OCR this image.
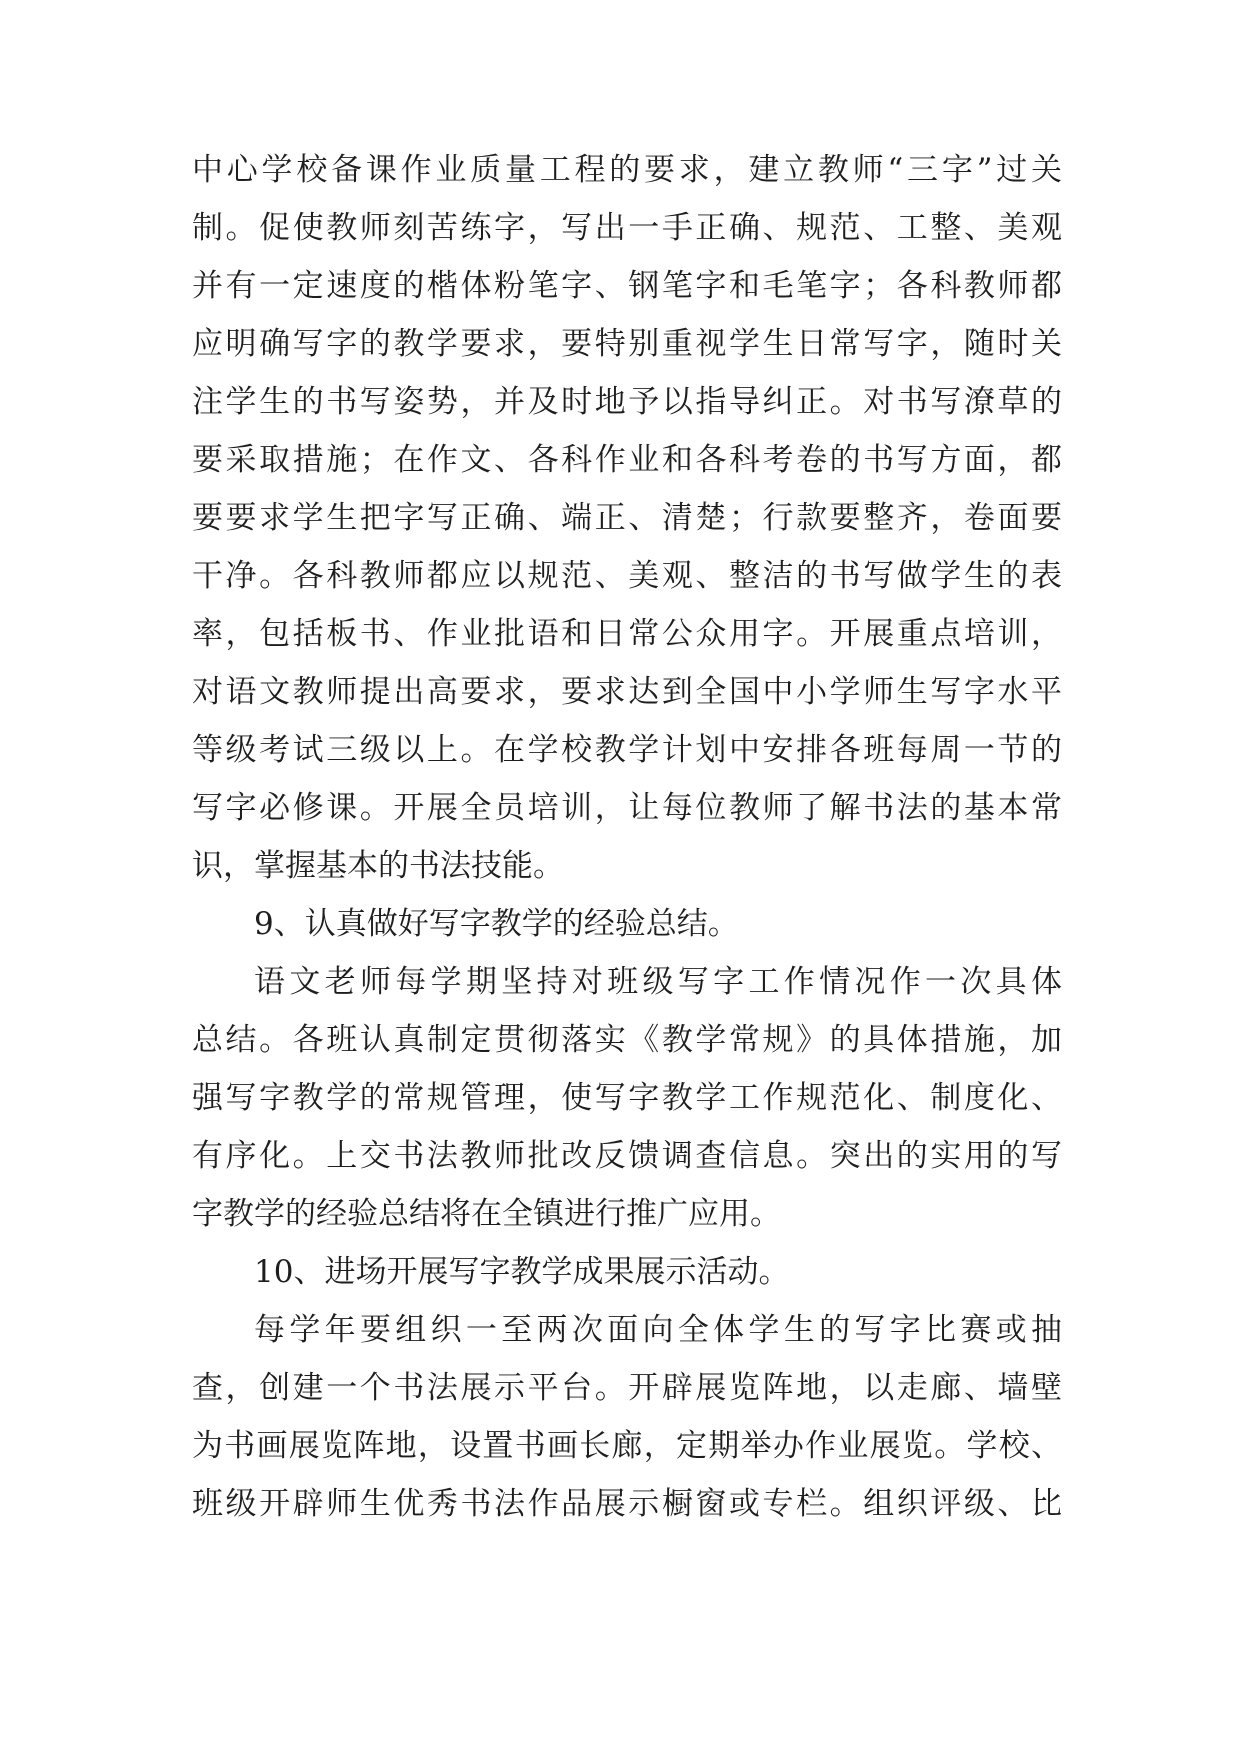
中心学校备课作业质量工程的要求，建立教师“三字”过关
制。促使教师刻苦练字，写出一手正确、规范、工整、美观
并有一定速度的楷体粉笔字、钢笔字和毛笔字；各科教师都
应明确写字的教学要求，要特别重视学生日常写字，随时关
注学生的书写姿势，并及时地予以指导纠正。对书写潦草的
要采取措施；在作文、各科作业和各科考卷的书写方面，都
要要求学生把字写正确、端正、清楚；行款要整齐，卷面要
干净。各科教师都应以规范、美观、整洁的书写做学生的表
率，包括板书、作业批语和日常公众用字。开展重点培训，
对语文教师提出高要求，要求达到全国中小学师生写字水平
等级考试三级以上。在学校教学计划中安排各班每周一节的
写字必修课。开展全员培训，让每位教师了解书法的基本常
识，掌握基本的书法技能。
9、认真做好写字教学的经验总结。
语文老师每学期坚持对班级写字工作情况作一次具体
总结。各班认真制定贯彻落实《教学常规》的具体措施，加
强写字教学的常规管理，使写字教学工作规范化、制度化、
有序化。上交书法教师批改反馈调查信息。突出的实用的写
字教学的经验总结将在全镇进行推广应用。
10、进场开展写字教学成果展示活动。
每学年要组织一至两次面向全体学生的写字比赛或抽
查，创建一个书法展示平台。开辟展览阵地，以走廊、墙壁
为书画展览阵地，设置书画长廊，定期举办作业展览。学校、
班级开辟师生优秀书法作品展示橱窗或专栏。组织评级、比
